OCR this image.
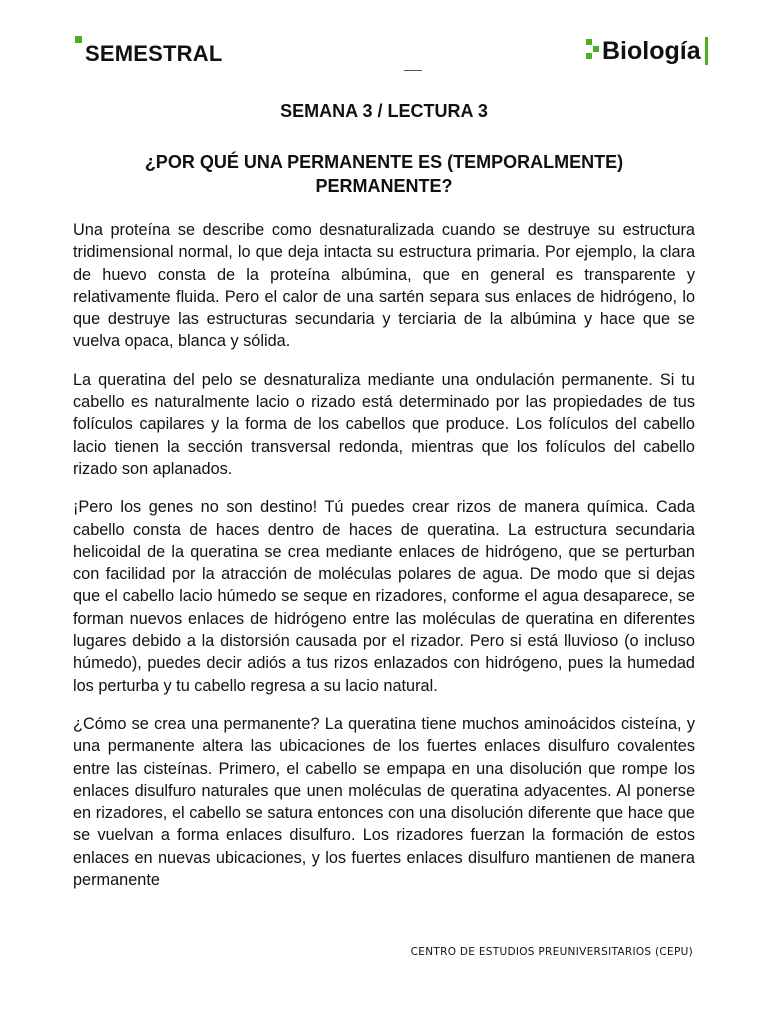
SEMESTRAL	Biología
SEMANA 3 / LECTURA 3
¿POR QUÉ UNA PERMANENTE ES (TEMPORALMENTE) PERMANENTE?

Una proteína se describe como desnaturalizada cuando se destruye su estructura tridimensional normal, lo que deja intacta su estructura primaria. Por ejemplo, la clara de huevo consta de la proteína albúmina, que en general es transparente y relativamente fluida. Pero el calor de una sartén separa sus enlaces de hidrógeno, lo que destruye las estructuras secundaria y terciaria de la albúmina y hace que se vuelva opaca, blanca y sólida.

La queratina del pelo se desnaturaliza mediante una ondulación permanente. Si tu cabello es naturalmente lacio o rizado está determinado por las propiedades de tus folículos capilares y la forma de los cabellos que produce. Los folículos del cabello lacio tienen la sección transversal redonda, mientras que los folículos del cabello rizado son aplanados.

¡Pero los genes no son destino! Tú puedes crear rizos de manera química. Cada cabello consta de haces dentro de haces de queratina. La estructura secundaria helicoidal de la queratina se crea mediante enlaces de hidrógeno, que se perturban con facilidad por la atracción de moléculas polares de agua. De modo que si dejas que el cabello lacio húmedo se seque en rizadores, conforme el agua desaparece, se forman nuevos enlaces de hidrógeno entre las moléculas de queratina en diferentes lugares debido a la distorsión causada por el rizador. Pero si está lluvioso (o incluso húmedo), puedes decir adiós a tus rizos enlazados con hidrógeno, pues la humedad los perturba y tu cabello regresa a su lacio natural.

¿Cómo se crea una permanente? La queratina tiene muchos aminoácidos cisteína, y una permanente altera las ubicaciones de los fuertes enlaces disulfuro covalentes entre las cisteínas. Primero, el cabello se empapa en una disolución que rompe los enlaces disulfuro naturales que unen moléculas de queratina adyacentes. Al ponerse en rizadores, el cabello se satura entonces con una disolución diferente que hace que se vuelvan a forma enlaces disulfuro. Los rizadores fuerzan la formación de estos enlaces en nuevas ubicaciones, y los fuertes enlaces disulfuro mantienen de manera permanente

CENTRO DE ESTUDIOS PREUNIVERSITARIOS (CEPU)
